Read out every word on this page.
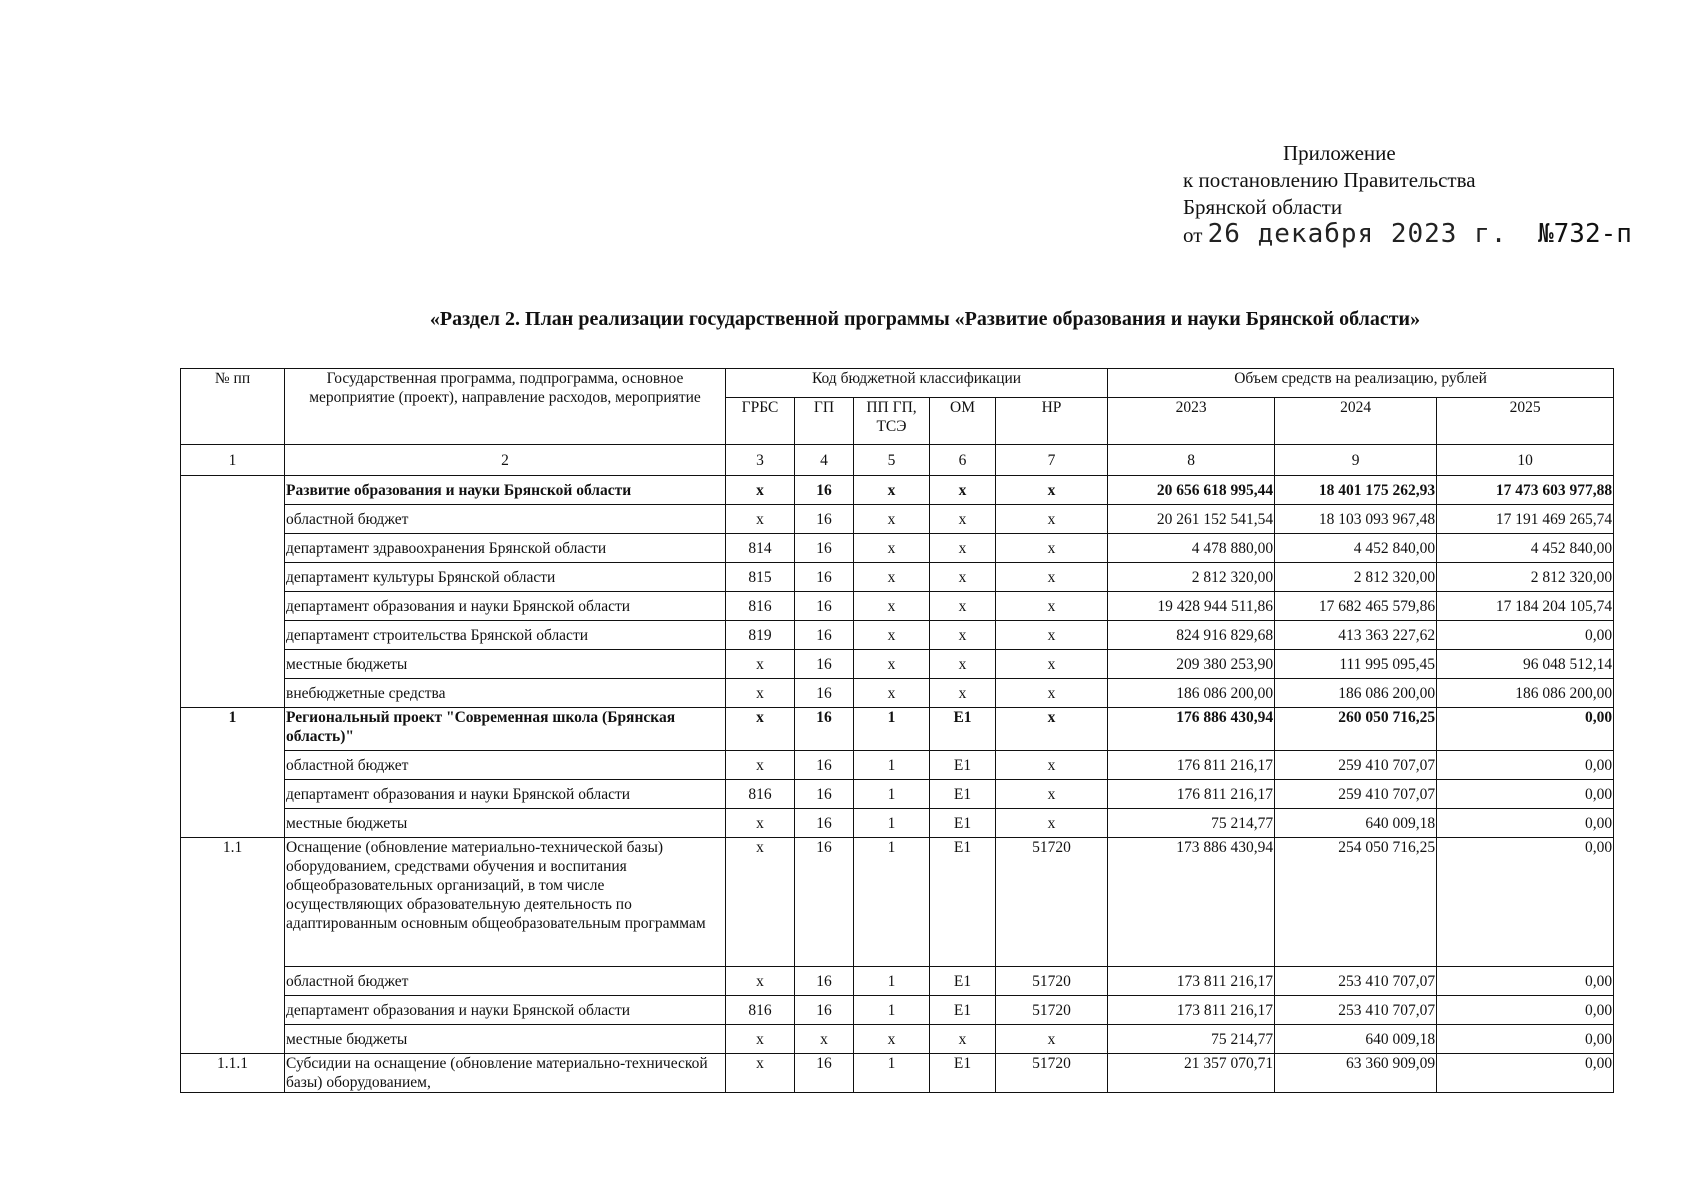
Приложение
к постановлению Правительства
Брянской области
от 26 декабря 2023 г. №732-п
«Раздел 2. План реализации государственной программы «Развитие образования и науки Брянской области»
№ пп	Государственная программа, подпрограмма, основное мероприятие (проект), направление расходов, мероприятие	Код бюджетной классификации					Объем средств на реализацию, рублей		
		ГРБС	ГП	ПП ГП, ТСЭ	ОМ	НР	2023	2024	2025
1	2	3	4	5	6	7	8	9	10
	Развитие образования и науки Брянской области	х	16	х	х	х	20 656 618 995,44	18 401 175 262,93	17 473 603 977,88
	областной бюджет	х	16	х	х	х	20 261 152 541,54	18 103 093 967,48	17 191 469 265,74
	департамент здравоохранения Брянской области	814	16	х	х	х	4 478 880,00	4 452 840,00	4 452 840,00
	департамент культуры Брянской области	815	16	х	х	х	2 812 320,00	2 812 320,00	2 812 320,00
	департамент образования и науки Брянской области	816	16	х	х	х	19 428 944 511,86	17 682 465 579,86	17 184 204 105,74
	департамент строительства Брянской области	819	16	х	х	х	824 916 829,68	413 363 227,62	0,00
	местные бюджеты	х	16	х	х	х	209 380 253,90	111 995 095,45	96 048 512,14
	внебюджетные средства	х	16	х	х	х	186 086 200,00	186 086 200,00	186 086 200,00
1	Региональный проект "Современная школа (Брянская область)"	х	16	1	Е1	х	176 886 430,94	260 050 716,25	0,00
	областной бюджет	х	16	1	Е1	х	176 811 216,17	259 410 707,07	0,00
	департамент образования и науки Брянской области	816	16	1	Е1	х	176 811 216,17	259 410 707,07	0,00
	местные бюджеты	х	16	1	Е1	х	75 214,77	640 009,18	0,00
1.1	Оснащение (обновление материально-технической базы) оборудованием, средствами обучения и воспитания общеобразовательных организаций, в том числе осуществляющих образовательную деятельность по адаптированным основным общеобразовательным программам	х	16	1	Е1	51720	173 886 430,94	254 050 716,25	0,00
	областной бюджет	х	16	1	Е1	51720	173 811 216,17	253 410 707,07	0,00
	департамент образования и науки Брянской области	816	16	1	Е1	51720	173 811 216,17	253 410 707,07	0,00
	местные бюджеты	х	х	х	х	х	75 214,77	640 009,18	0,00
1.1.1	Субсидии на оснащение (обновление материально-технической базы) оборудованием,	х	16	1	Е1	51720	21 357 070,71	63 360 909,09	0,00
